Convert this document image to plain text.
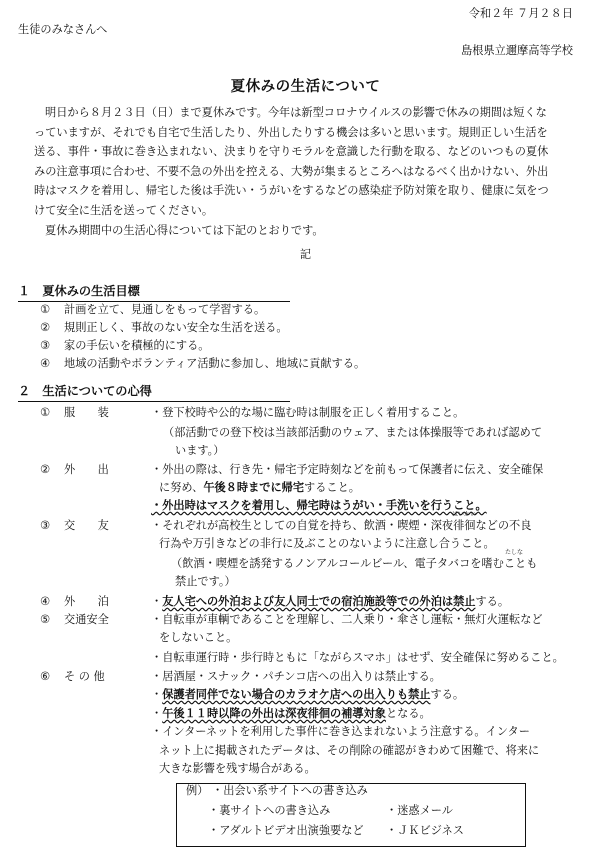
令和２年 ７月２８日
生徒のみなさんへ
島根県立邇摩高等学校
夏休みの生活について

明日から８月２３日（日）まで夏休みです。今年は新型コロナウイルスの影響で休みの期間は短くな

っていますが、それでも自宅で生活したり、外出したりする機会は多いと思います。規則正しい生活を

送る、事件・事故に巻き込まれない、決まりを守りモラルを意識した行動を取る、などのいつもの夏休

みの注意事項に合わせ、不要不急の外出を控える、大勢が集まるところへはなるべく出かけない、外出

時はマスクを着用し、帰宅した後は手洗い・うがいをするなどの感染症予防対策を取り、健康に気をつ

けて安全に生活を送ってください。

夏休み期間中の生活心得については下記のとおりです。

記
１　夏休みの生活目標
① 計画を立て、見通しをもって学習する。
② 規則正しく、事故のない安全な生活を送る。
③ 家の手伝いを積極的にする。
④ 地域の活動やボランティア活動に参加し、地域に貢献する。
２　生活についての心得
① 服　　装
② 外　　出
③ 交　　友
④ 外　　泊
⑤ 交通安全
⑥ そ の 他
・登下校時や公的な場に臨む時は制服を正しく着用すること。
（部活動での登下校は当該部活動のウェア、または体操服等であれば認めて
います。）
・外出の際は、行き先・帰宅予定時刻などを前もって保護者に伝え、安全確保
に努め、午後８時までに帰宅すること。
・外出時はマスクを着用し、帰宅時はうがい・手洗いを行うこと。
・それぞれが高校生としての自覚を持ち、飲酒・喫煙・深夜徘徊などの不良
はいかい
行為や万引きなどの非行に及ぶことのないように注意し合うこと。
（飲酒・喫煙を誘発するノンアルコールビール、電子タバコを嗜むことも
たしな
禁止です。）
・友人宅への外泊および友人同士での宿泊施設等での外泊は禁止する。
・自転車が車輌であることを理解し、二人乗り・傘さし運転・無灯火運転など
をしないこと。
・自転車運行時・歩行時ともに「ながらスマホ」はせず、安全確保に努めること。
・居酒屋・スナック・パチンコ店への出入りは禁止する。
・保護者同伴でない場合のカラオケ店への出入りも禁止する。
・午後１１時以降の外出は深夜徘徊の補導対象となる。
・インターネットを利用した事件に巻き込まれないよう注意する。インター
ネット上に掲載されたデータは、その削除の確認がきわめて困難で、将来に
大きな影響を残す場合がある。
例） ・出会い系サイトへの書き込み
・裏サイトへの書き込み	・迷惑メール
・アダルトビデオ出演強要など ・ＪＫビジネス
